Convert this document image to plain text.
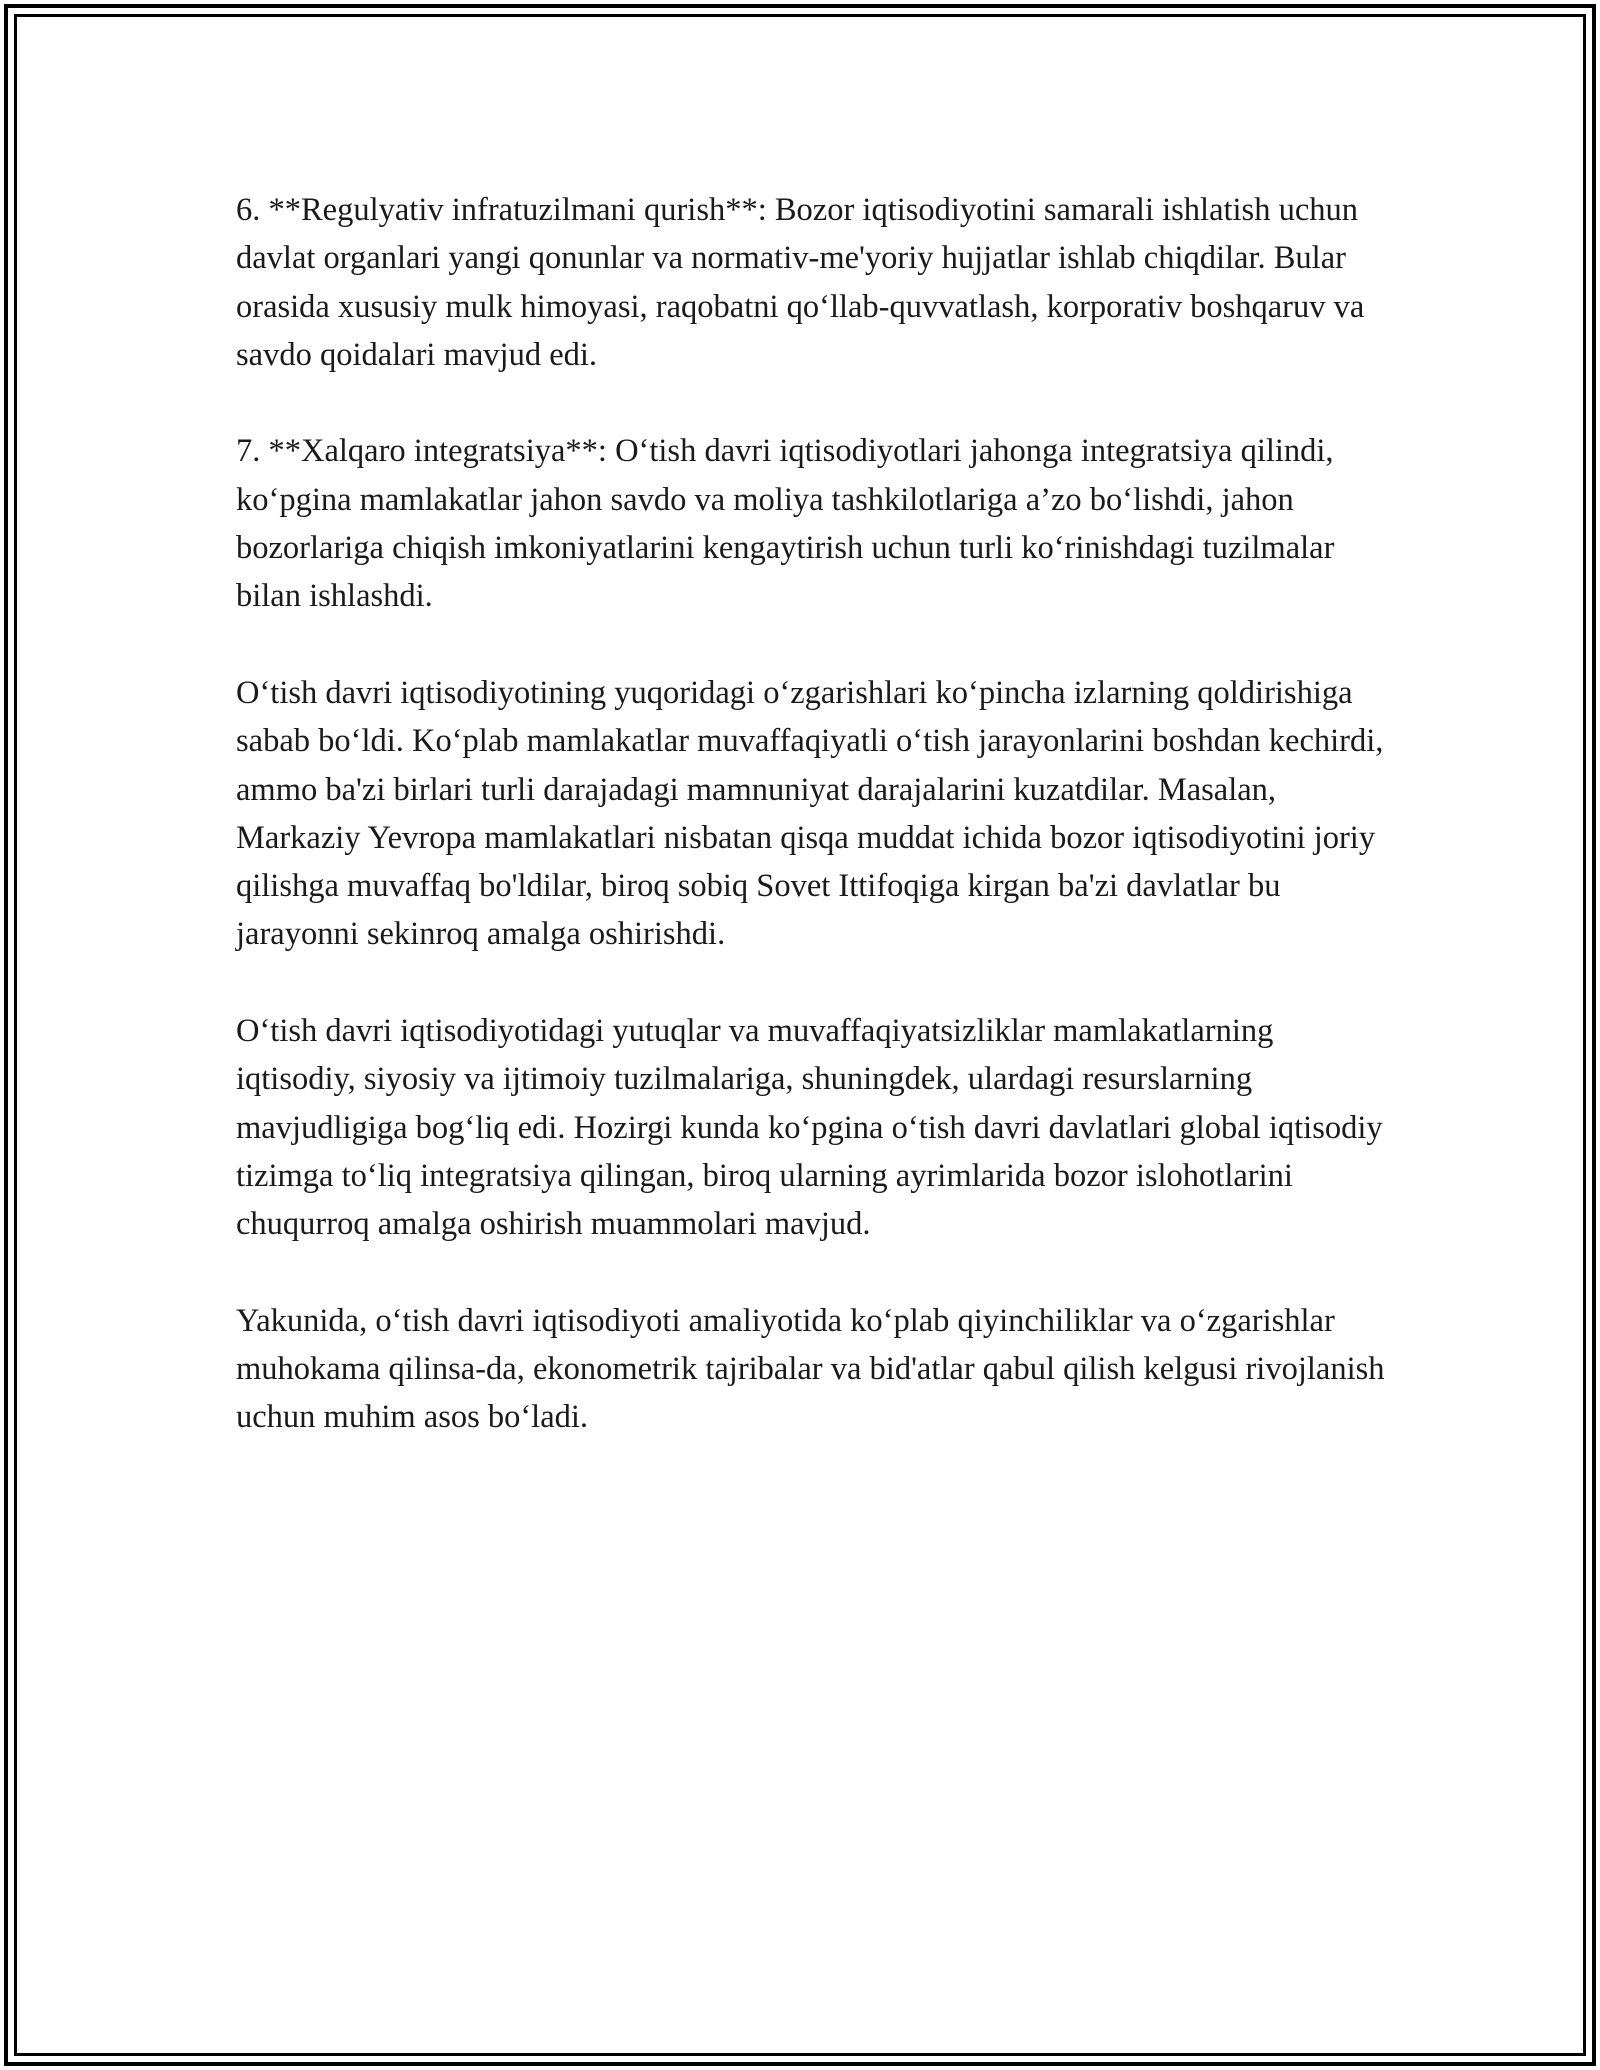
6. **Regulyativ infratuzilmani qurish**: Bozor iqtisodiyotini samarali ishlatish uchun davlat organlari yangi qonunlar va normativ-me'yoriy hujjatlar ishlab chiqdilar. Bular orasida xususiy mulk himoyasi, raqobatni qo‘llab-quvvatlash, korporativ boshqaruv va savdo qoidalari mavjud edi.

7. **Xalqaro integratsiya**: O‘tish davri iqtisodiyotlari jahonga integratsiya qilindi, ko‘pgina mamlakatlar jahon savdo va moliya tashkilotlariga a’zo bo‘lishdi, jahon bozorlariga chiqish imkoniyatlarini kengaytirish uchun turli ko‘rinishdagi tuzilmalar bilan ishlashdi.

O‘tish davri iqtisodiyotining yuqoridagi o‘zgarishlari ko‘pincha izlarning qoldirishiga sabab bo‘ldi. Ko‘plab mamlakatlar muvaffaqiyatli o‘tish jarayonlarini boshdan kechirdi, ammo ba'zi birlari turli darajadagi mamnuniyat darajalarini kuzatdilar. Masalan, Markaziy Yevropa mamlakatlari nisbatan qisqa muddat ichida bozor iqtisodiyotini joriy qilishga muvaffaq bo'ldilar, biroq sobiq Sovet Ittifoqiga kirgan ba'zi davlatlar bu jarayonni sekinroq amalga oshirishdi.

O‘tish davri iqtisodiyotidagi yutuqlar va muvaffaqiyatsizliklar mamlakatlarning iqtisodiy, siyosiy va ijtimoiy tuzilmalariga, shuningdek, ulardagi resurslarning mavjudligiga bog‘liq edi. Hozirgi kunda ko‘pgina o‘tish davri davlatlari global iqtisodiy tizimga to‘liq integratsiya qilingan, biroq ularning ayrimlarida bozor islohotlarini chuqurroq amalga oshirish muammolari mavjud.

Yakunida, o‘tish davri iqtisodiyoti amaliyotida ko‘plab qiyinchiliklar va o‘zgarishlar muhokama qilinsa-da, ekonometrik tajribalar va bid'atlar qabul qilish kelgusi rivojlanish uchun muhim asos bo‘ladi.
